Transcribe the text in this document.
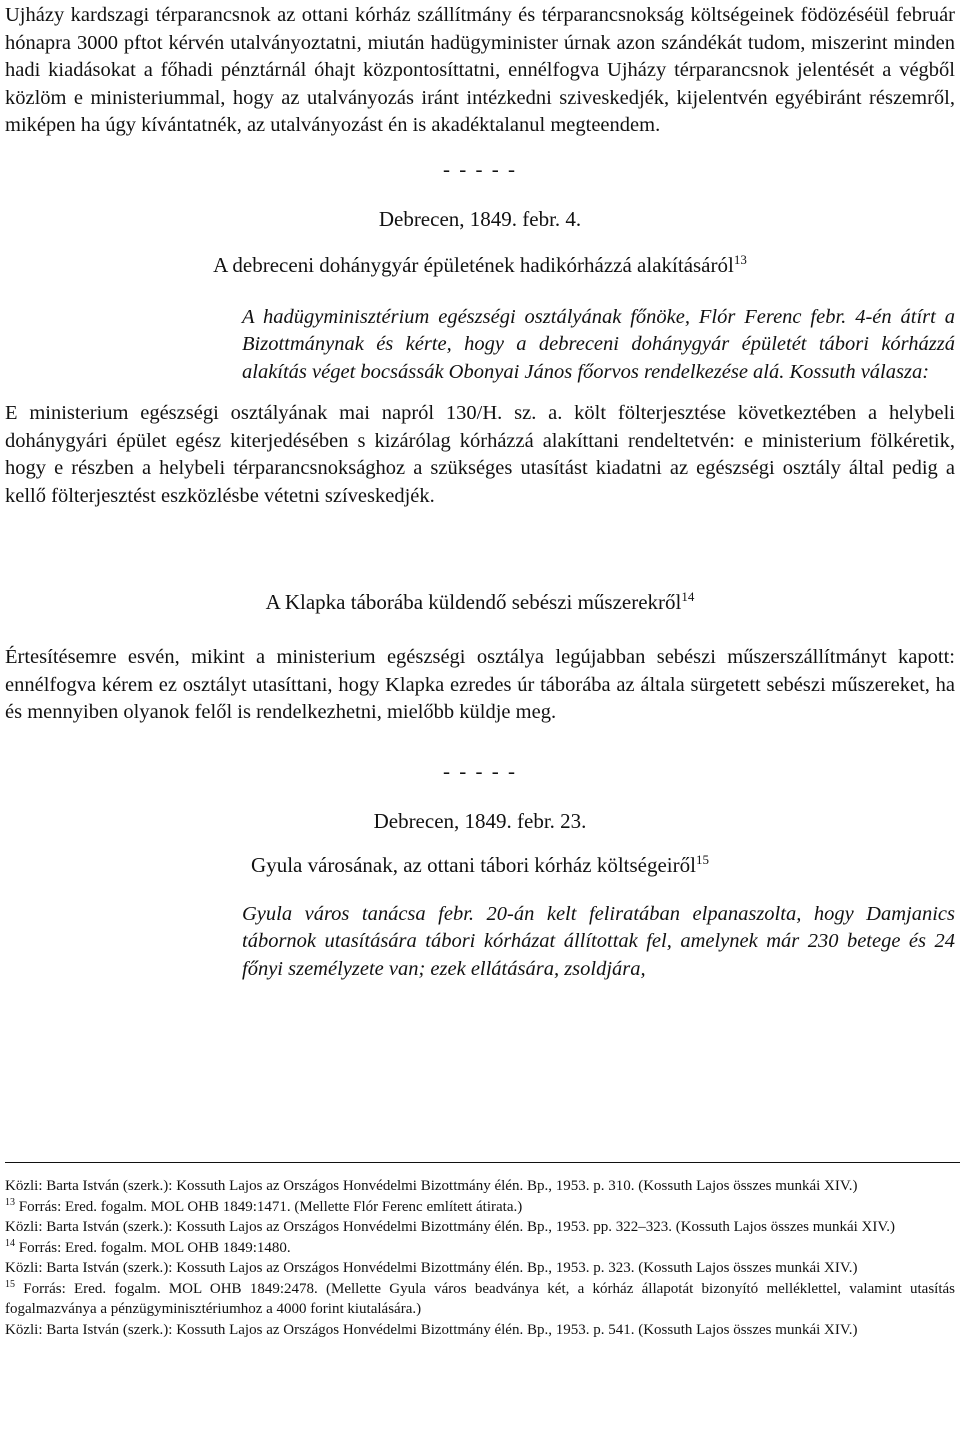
Ujházy kardszagi térparancsnok az ottani kórház szállítmány és térparancsnokság költségeinek födözéséül február hónapra 3000 pftot kérvén utalványoztatni, miután hadügyminister úrnak azon szándékát tudom, miszerint minden hadi kiadásokat a főhadi pénztárnál óhajt központosíttatni, ennélfogva Ujházy térparancsnok jelentését a végből közlöm e ministeriummal, hogy az utalványozás iránt intézkedni sziveskedjék, kijelentvén egyébiránt részemről, miképen ha úgy kívántatnék, az utalványozást én is akadéktalanul megteendem.

- - - - -

Debrecen, 1849. febr. 4.

A debreceni dohánygyár épületének hadikórházzá alakításáról$^{13}$

A hadügyminisztérium egészségi osztályának főnöke, Flór Ferenc febr. 4-én átírt a Bizottmánynak és kérte, hogy a debreceni dohánygyár épületét tábori kórházzá alakítás véget bocsássák Obonyai János főorvos rendelkezése alá. Kossuth válasza:

E ministerium egészségi osztályának mai napról 130/H. sz. a. költ fölterjesztése következtében a helybeli dohánygyári épület egész kiterjedésében s kizárólag kórházzá alakíttani rendeltetvén: e ministerium fölkéretik, hogy e részben a helybeli térparancsnoksághoz a szükséges utasítást kiadatni az egészségi osztály által pedig a kellő fölterjesztést eszközlésbe vétetni szíveskedjék.

A Klapka táborába küldendő sebészi műszerekről$^{14}$

Értesítésemre esvén, mikint a ministerium egészségi osztálya legújabban sebészi műszerszállítmányt kapott: ennélfogva kérem ez osztályt utasíttani, hogy Klapka ezredes úr táborába az általa sürgetett sebészi műszereket, ha és mennyiben olyanok felől is rendelkezhetni, mielőbb küldje meg.

- - - - -

Debrecen, 1849. febr. 23.

Gyula városának, az ottani tábori kórház költségeiről$^{15}$

Gyula város tanácsa febr. 20-án kelt feliratában elpanaszolta, hogy Damjanics tábornok utasítására tábori kórházat állítottak fel, amelynek már 230 betege és 24 főnyi személyzete van; ezek ellátására, zsoldjára,

Közli: Barta István (szerk.): Kossuth Lajos az Országos Honvédelmi Bizottmány élén. Bp., 1953. p. 310. (Kossuth Lajos összes munkái XIV.)

$^{13}$ Forrás: Ered. fogalm. MOL OHB 1849:1471. (Mellette Flór Ferenc említett átirata.)

Közli: Barta István (szerk.): Kossuth Lajos az Országos Honvédelmi Bizottmány élén. Bp., 1953. pp. 322–323. (Kossuth Lajos összes munkái XIV.)

$^{14}$ Forrás: Ered. fogalm. MOL OHB 1849:1480.

Közli: Barta István (szerk.): Kossuth Lajos az Országos Honvédelmi Bizottmány élén. Bp., 1953. p. 323. (Kossuth Lajos összes munkái XIV.)

$^{15}$ Forrás: Ered. fogalm. MOL OHB 1849:2478. (Mellette Gyula város beadványa két, a kórház állapotát bizonyító melléklettel, valamint utasítás fogalmazványa a pénzügyminisztériumhoz a 4000 forint kiutalására.)

Közli: Barta István (szerk.): Kossuth Lajos az Országos Honvédelmi Bizottmány élén. Bp., 1953. p. 541. (Kossuth Lajos összes munkái XIV.)
